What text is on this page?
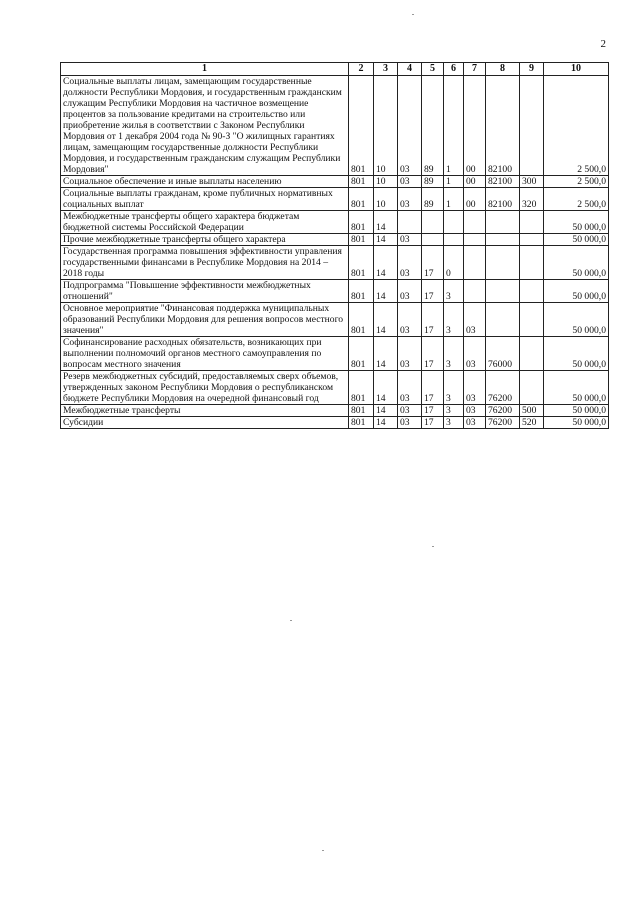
2
1	2	3	4	5	6	7	8	9	10

Социальные выплаты лицам, замещающим государственные должности Республики Мордовия, и государственным гражданским служащим Республики Мордовия на частичное возмещение процентов за пользование кредитами на строительство или приобретение жилья в соответствии с Законом Республики Мордовия от 1 декабря 2004 года № 90-З "О жилищных гарантиях лицам, замещающим государственные должности Республики Мордовия, и государственным гражданским служащим Республики Мордовия"	801	10	03	89	1	00	82100		2 500,0

Социальное обеспечение и иные выплаты населению	801	10	03	89	1	00	82100	300	2 500,0

Социальные выплаты гражданам, кроме публичных нормативных социальных выплат	801	10	03	89	1	00	82100	320	2 500,0

Межбюджетные трансферты общего характера бюджетам бюджетной системы Российской Федерации	801	14							50 000,0

Прочие межбюджетные трансферты общего характера	801	14	03						50 000,0

Государственная программа повышения эффективности управления государственными финансами в Республике Мордовия на 2014 – 2018 годы	801	14	03	17	0				50 000,0

Подпрограмма "Повышение эффективности межбюджетных отношений"	801	14	03	17	3				50 000,0

Основное мероприятие "Финансовая поддержка муниципальных образований Республики Мордовия для решения вопросов местного значения"	801	14	03	17	3	03			50 000,0

Софинансирование расходных обязательств, возникающих при выполнении полномочий органов местного самоуправления по вопросам местного значения	801	14	03	17	3	03	76000		50 000,0

Резерв межбюджетных субсидий, предоставляемых сверх объемов, утвержденных законом Республики Мордовия о республиканском бюджете Республики Мордовия на очередной финансовый год	801	14	03	17	3	03	76200		50 000,0

Межбюджетные трансферты	801	14	03	17	3	03	76200	500	50 000,0

Субсидии	801	14	03	17	3	03	76200	520	50 000,0
